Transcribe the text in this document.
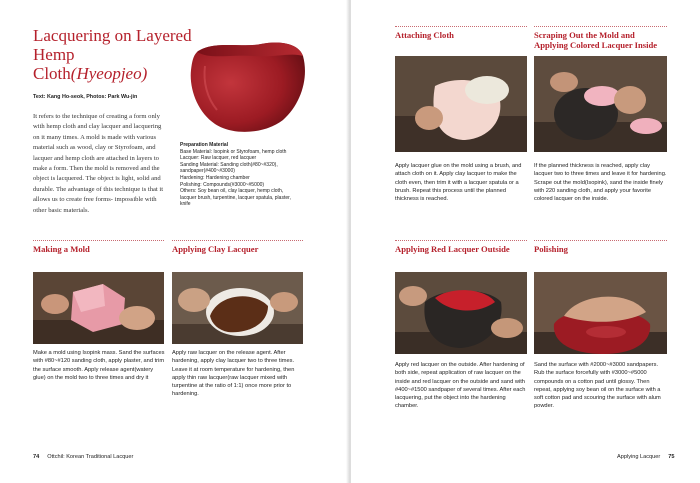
Lacquering on Layered Hemp Cloth(Hyeopjeo)
Text: Kang Ho-seok, Photos: Park Wu-jin
It refers to the technique of creating a form only with hemp cloth and clay lacquer and lacquering on it many times. A mold is made with various material such as wood, clay or Styrofoam, and lacquer and hemp cloth are attached in layers to make a form. Then the mold is removed and the object is lacquered. The object is light, solid and durable. The advantage of this technique is that it allows us to create free forms- impossible with other basic materials.
Preparation Material
Base Material: Isopink or Styrofoam, hemp cloth
Lacquer: Raw lacquer, red lacquer
Sanding Material: Sanding cloth(#80~#320),
sandpaper(#400~#3000)
Hardening: Hardening chamber
Polishing: Compounds(#3000~#5000)
Others: Soy bean oil, clay lacquer, hemp cloth,
lacquer brush, turpentine, lacquer spatula, plaster,
knife
Making a Mold
Make a mold using Isopink mass. Sand the surfaces with #80~#120 sanding cloth, apply plaster, and trim the surface smooth. Apply release agent(watery glue) on the mold two to three times and dry it
Applying Clay Lacquer
Apply raw lacquer on the release agent. After hardening, apply clay lacquer two to three times. Leave it at room temperature for hardening, then apply thin raw lacquer(raw lacquer mixed with turpentine at the ratio of 1:1) once more prior to hardening.
74 Ottchil: Korean Traditional Lacquer
Attaching Cloth
Apply lacquer glue on the mold using a brush, and attach cloth on it. Apply clay lacquer to make the cloth even, then trim it with a lacquer spatula or a brush. Repeat this process until the planned thickness is reached.
Scraping Out the Mold and Applying Colored Lacquer Inside
If the planned thickness is reached, apply clay lacquer two to three times and leave it for hardening. Scrape out the mold(Isopink), sand the inside finely with 220 sanding cloth, and apply your favorite colored lacquer on the inside.
Applying Red Lacquer Outside
Apply red lacquer on the outside. After hardening of both side, repeat application of raw lacquer on the inside and red lacquer on the outside and sand with #400~#1500 sandpaper of several times. After each lacquering, put the object into the hardening chamber.
Polishing
Sand the surface with #2000~#3000 sandpapers. Rub the surface forcefully with #3000~#5000 compounds on a cotton pad until glossy. Then repeat, applying soy bean oil on the surface with a soft cotton pad and scouring the surface with alum powder.
Applying Lacquer 75
